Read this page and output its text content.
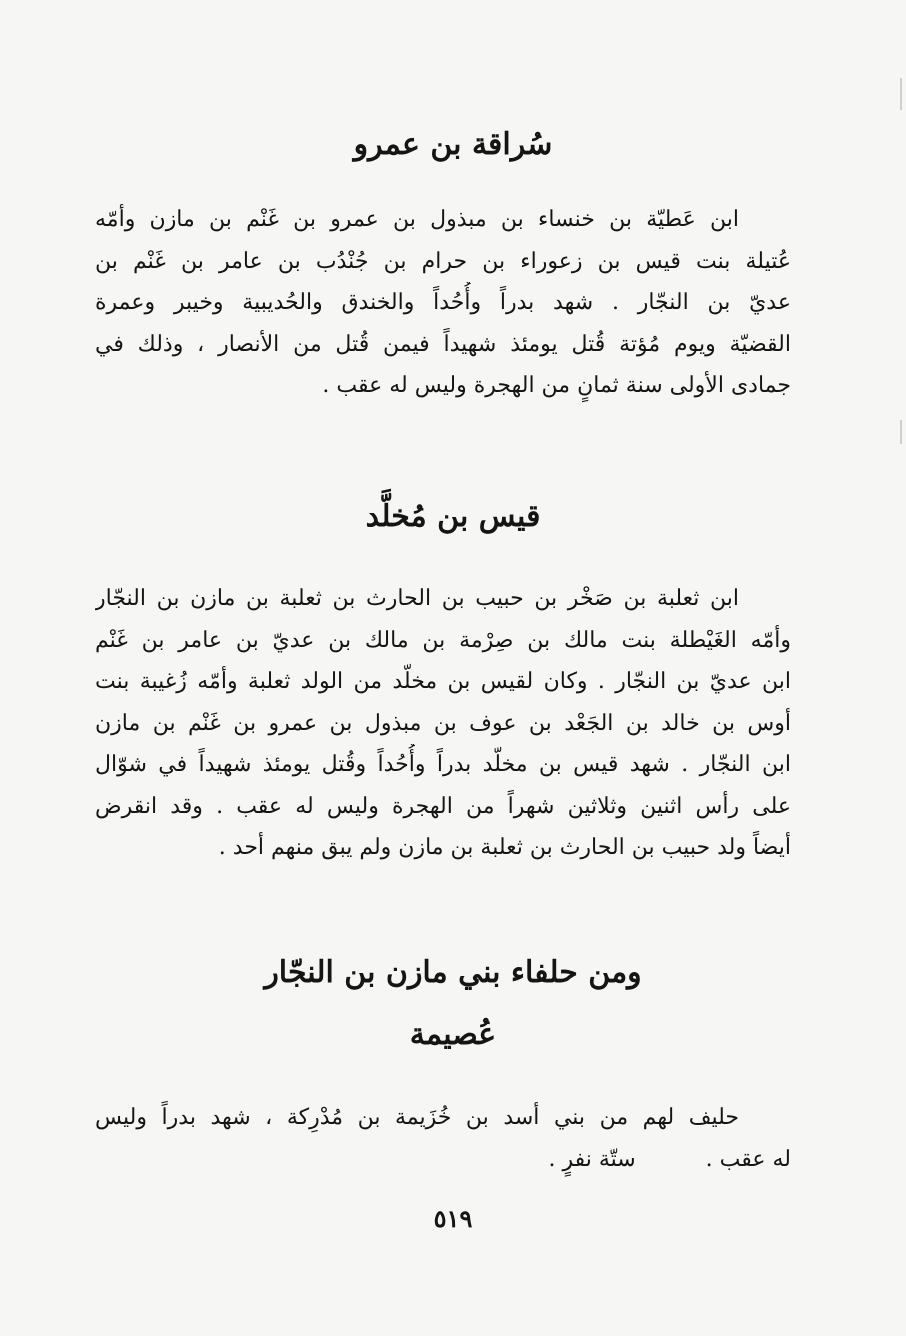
سُراقة بن عمرو
ابن عَطيّة بن خنساء بن مبذول بن عمرو بن غَنْم بن مازن وأمّه
عُتيلة بنت قيس بن زعوراء بن حرام بن جُنْدُب بن عامر بن غَنْم بن
عديّ بن النجّار . شهد بدراً وأُحُداً والخندق والحُديبية وخيبر وعمرة
القضيّة ويوم مُؤتة قُتل يومئذ شهيداً فيمن قُتل من الأنصار ، وذلك في
جمادى الأولى سنة ثمانٍ من الهجرة وليس له عقب .
قيس بن مُخلَّد
ابن ثعلبة بن صَخْر بن حبيب بن الحارث بن ثعلبة بن مازن بن النجّار
وأمّه الغَيْطلة بنت مالك بن صِرْمة بن مالك بن عديّ بن عامر بن غَنْم
ابن عديّ بن النجّار . وكان لقيس بن مخلّد من الولد ثعلبة وأمّه زُغيبة بنت
أوس بن خالد بن الجَعْد بن عوف بن مبذول بن عمرو بن غَنْم بن مازن
ابن النجّار . شهد قيس بن مخلّد بدراً وأُحُداً وقُتل يومئذ شهيداً في شوّال
على رأس اثنين وثلاثين شهراً من الهجرة وليس له عقب . وقد انقرض
أيضاً ولد حبيب بن الحارث بن ثعلبة بن مازن ولم يبق منهم أحد .
ومن حلفاء بني مازن بن النجّار
عُصيمة
حليف لهم من بني أسد بن خُزَيمة بن مُدْرِكة ، شهد بدراً وليس
له عقب .          ستّة نفرٍ .
٥١٩
